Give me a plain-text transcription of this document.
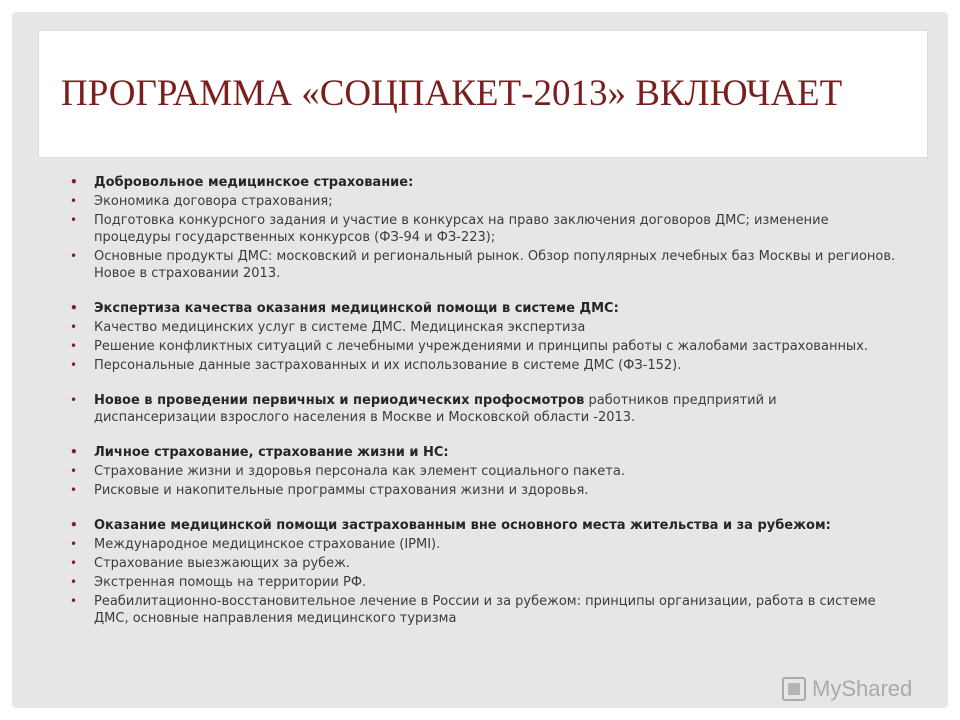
ПРОГРАММА «СОЦПАКЕТ-2013» ВКЛЮЧАЕТ
• Добровольное медицинское страхование:
• Экономика договора страхования;
• Подготовка конкурсного задания и участие в конкурсах на право заключения договоров ДМС; изменение процедуры государственных конкурсов (ФЗ-94 и ФЗ-223);
• Основные продукты ДМС: московский и региональный рынок. Обзор популярных лечебных баз Москвы и регионов. Новое в страховании 2013.
• Экспертиза качества оказания медицинской помощи в системе ДМС:
• Качество медицинских услуг в системе ДМС. Медицинская экспертиза
• Решение конфликтных ситуаций с лечебными учреждениями и принципы работы с жалобами застрахованных.
• Персональные данные застрахованных и их использование в системе ДМС (ФЗ-152).
• Новое в проведении первичных и периодических профосмотров работников предприятий и диспансеризации взрослого населения в Москве и Московской области -2013.
• Личное страхование, страхование жизни и НС:
• Страхование жизни и здоровья персонала как элемент социального пакета.
• Рисковые и накопительные программы страхования жизни и здоровья.
• Оказание медицинской помощи застрахованным вне основного места жительства и за рубежом:
• Международное медицинское страхование (IPMI).
• Страхование выезжающих за рубеж.
• Экстренная помощь на территории РФ.
• Реабилитационно-восстановительное лечение в России и за рубежом: принципы организации, работа в системе ДМС, основные направления медицинского туризма
MyShared
